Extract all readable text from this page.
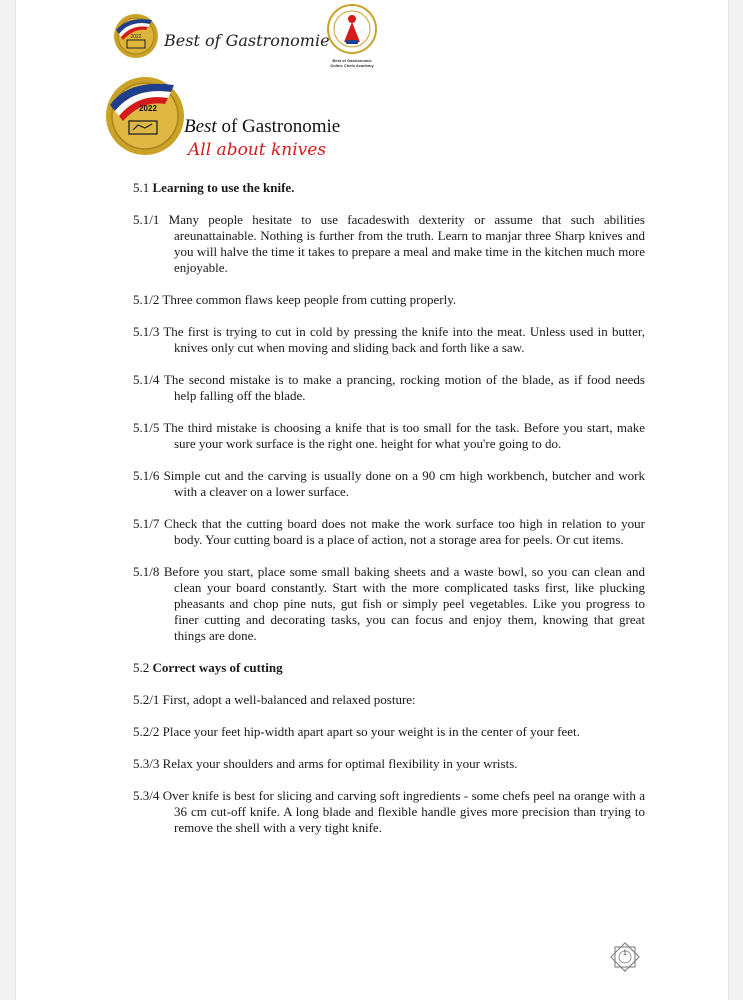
2022 Best of Gastronomie
Best of Gastronomie
Online Chefs Academy
2022
Best of Gastronomie
All about knives

5.1 Learning to use the knife.

5.1/1 Many people hesitate to use facadeswith dexterity or assume that such abilities areunattainable. Nothing is further from the truth. Learn to manjar three Sharp knives and you will halve the time it takes to prepare a meal and make time in the kitchen much more enjoyable.

5.1/2 Three common flaws keep people from cutting properly.

5.1/3 The first is trying to cut in cold by pressing the knife into the meat. Unless used in butter, knives only cut when moving and sliding back and forth like a saw.

5.1/4 The second mistake is to make a prancing, rocking motion of the blade, as if food needs help falling off the blade.

5.1/5 The third mistake is choosing a knife that is too small for the task. Before you start, make sure your work surface is the right one. height for what you're going to do.

5.1/6 Simple cut and the carving is usually done on a 90 cm high workbench, butcher and work with a cleaver on a lower surface.

5.1/7 Check that the cutting board does not make the work surface too high in relation to your body. Your cutting board is a place of action, not a storage area for peels. Or cut items.

5.1/8 Before you start, place some small baking sheets and a waste bowl, so you can clean and clean your board constantly. Start with the more complicated tasks first, like plucking pheasants and chop pine nuts, gut fish or simply peel vegetables. Like you progress to finer cutting and decorating tasks, you can focus and enjoy them, knowing that great things are done.

5.2 Correct ways of cutting

5.2/1 First, adopt a well-balanced and relaxed posture:

5.2/2 Place your feet hip-width apart apart so your weight is in the center of your feet.

5.3/3 Relax your shoulders and arms for optimal flexibility in your wrists.

5.3/4 Over knife is best for slicing and carving soft ingredients - some chefs peel na orange with a 36 cm cut-off knife. A long blade and flexible handle gives more precision than trying to remove the shell with a very tight knife.

1
